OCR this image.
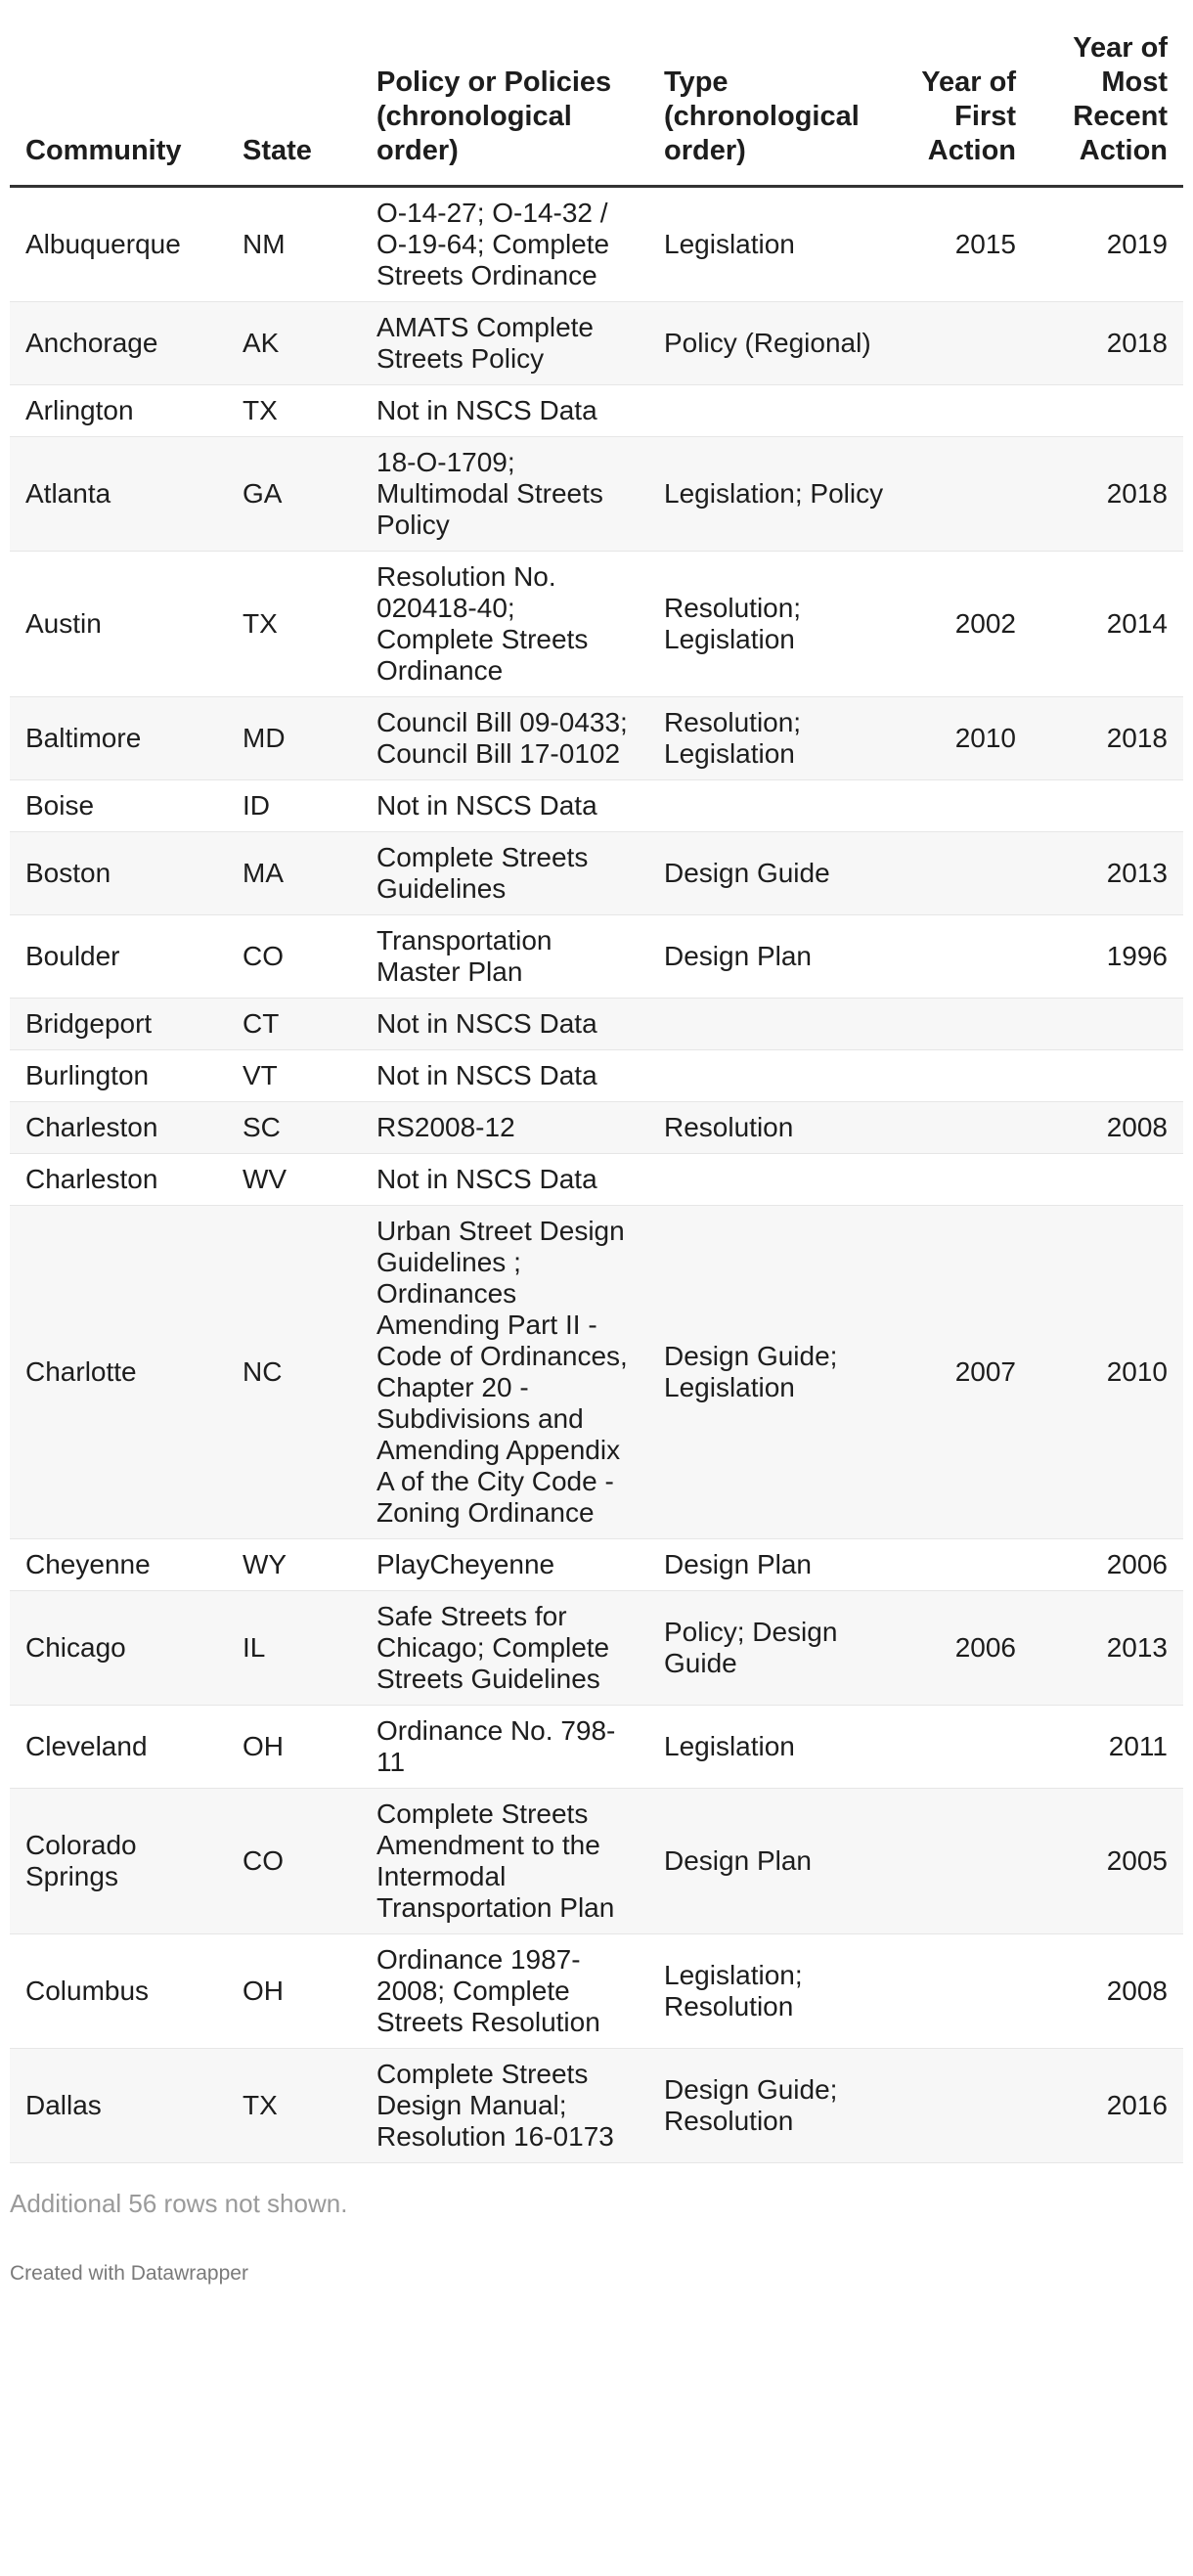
Community	State	Policy or Policies (chronological order)	Type (chronological order)	Year of First Action	Year of Most Recent Action
Albuquerque	NM	O-14-27; O-14-32 / O-19-64; Complete Streets Ordinance	Legislation	2015	2019
Anchorage	AK	AMATS Complete Streets Policy	Policy (Regional)		2018
Arlington	TX	Not in NSCS Data			
Atlanta	GA	18-O-1709; Multimodal Streets Policy	Legislation; Policy		2018
Austin	TX	Resolution No. 020418-40; Complete Streets Ordinance	Resolution; Legislation	2002	2014
Baltimore	MD	Council Bill 09-0433; Council Bill 17-0102	Resolution; Legislation	2010	2018
Boise	ID	Not in NSCS Data			
Boston	MA	Complete Streets Guidelines	Design Guide		2013
Boulder	CO	Transportation Master Plan	Design Plan		1996
Bridgeport	CT	Not in NSCS Data			
Burlington	VT	Not in NSCS Data			
Charleston	SC	RS2008-12	Resolution		2008
Charleston	WV	Not in NSCS Data			
Charlotte	NC	Urban Street Design Guidelines ; Ordinances Amending Part II - Code of Ordinances, Chapter 20 - Subdivisions and Amending Appendix A of the City Code - Zoning Ordinance	Design Guide; Legislation	2007	2010
Cheyenne	WY	PlayCheyenne	Design Plan		2006
Chicago	IL	Safe Streets for Chicago; Complete Streets Guidelines	Policy; Design Guide	2006	2013
Cleveland	OH	Ordinance No. 798-11	Legislation		2011
Colorado Springs	CO	Complete Streets Amendment to the Intermodal Transportation Plan	Design Plan		2005
Columbus	OH	Ordinance 1987-2008; Complete Streets Resolution	Legislation; Resolution		2008
Dallas	TX	Complete Streets Design Manual; Resolution 16-0173	Design Guide; Resolution		2016
Additional 56 rows not shown.
Created with Datawrapper
